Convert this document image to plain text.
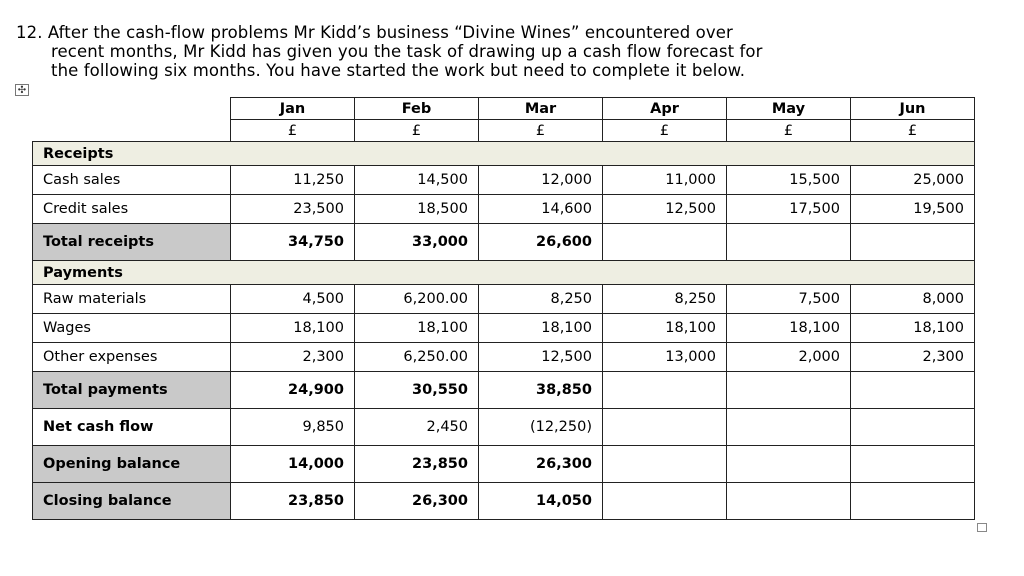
12. After the cash-flow problems Mr Kidd’s business “Divine Wines” encountered over
recent months, Mr Kidd has given you the task of drawing up a cash flow forecast for
the following six months. You have started the work but need to complete it below.
✣
	Jan	Feb	Mar	Apr	May	Jun
	£	£	£	£	£	£
Receipts						
Cash sales	11,250	14,500	12,000	11,000	15,500	25,000
Credit sales	23,500	18,500	14,600	12,500	17,500	19,500
Total receipts	34,750	33,000	26,600			
Payments						
Raw materials	4,500	6,200.00	8,250	8,250	7,500	8,000
Wages	18,100	18,100	18,100	18,100	18,100	18,100
Other expenses	2,300	6,250.00	12,500	13,000	2,000	2,300
Total payments	24,900	30,550	38,850			
Net cash flow	9,850	2,450	(12,250)			
Opening balance	14,000	23,850	26,300			
Closing balance	23,850	26,300	14,050			
